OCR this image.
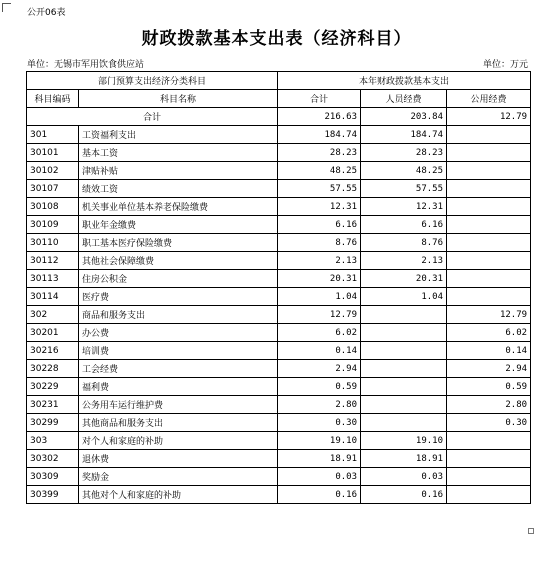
公开06表
财政拨款基本支出表（经济科目）
单位：无锡市军用饮食供应站	单位：万元
部门预算支出经济分类科目		本年财政拨款基本支出		
科目编码	科目名称	合计	人员经费	公用经费
合计		216.63	203.84	12.79
301	工资福利支出	184.74	184.74	
30101	基本工资	28.23	28.23	
30102	津贴补贴	48.25	48.25	
30107	绩效工资	57.55	57.55	
30108	机关事业单位基本养老保险缴费	12.31	12.31	
30109	职业年金缴费	6.16	6.16	
30110	职工基本医疗保险缴费	8.76	8.76	
30112	其他社会保障缴费	2.13	2.13	
30113	住房公积金	20.31	20.31	
30114	医疗费	1.04	1.04	
302	商品和服务支出	12.79		12.79
30201	办公费	6.02		6.02
30216	培训费	0.14		0.14
30228	工会经费	2.94		2.94
30229	福利费	0.59		0.59
30231	公务用车运行维护费	2.80		2.80
30299	其他商品和服务支出	0.30		0.30
303	对个人和家庭的补助	19.10	19.10	
30302	退休费	18.91	18.91	
30309	奖励金	0.03	0.03	
30399	其他对个人和家庭的补助	0.16	0.16	
